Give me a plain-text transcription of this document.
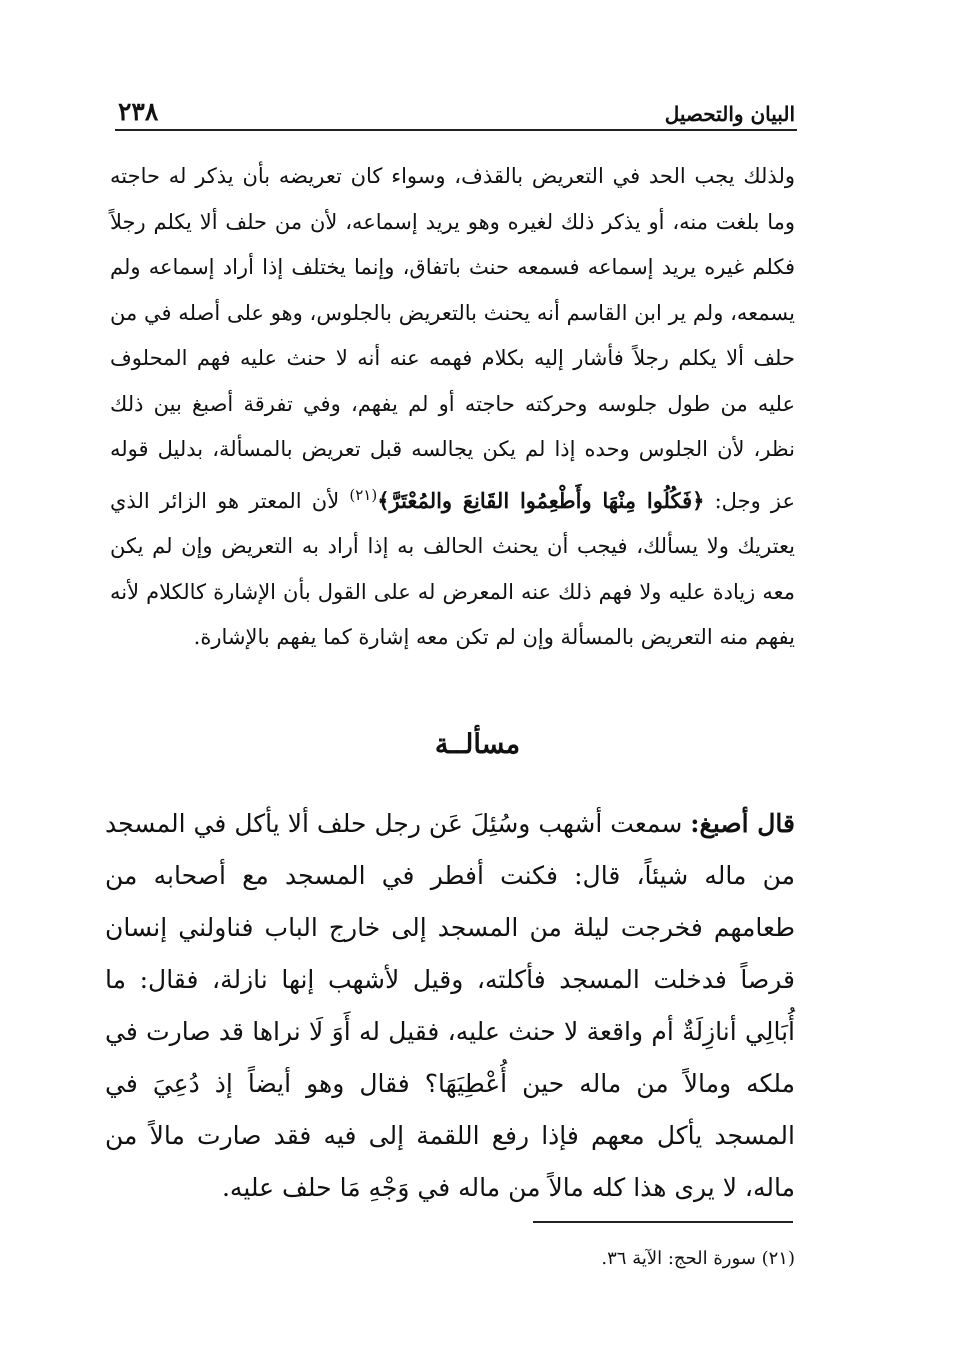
البيان والتحصيل
٢٣٨

ولذلك يجب الحد في التعريض بالقذف، وسواء كان تعريضه بأن يذكر له حاجته وما بلغت منه، أو يذكر ذلك لغيره وهو يريد إسماعه، لأن من حلف ألا يكلم رجلاً فكلم غيره يريد إسماعه فسمعه حنث باتفاق، وإنما يختلف إذا أراد إسماعه ولم يسمعه، ولم ير ابن القاسم أنه يحنث بالتعريض بالجلوس، وهو على أصله في من حلف ألا يكلم رجلاً فأشار إليه بكلام فهمه عنه أنه لا حنث عليه فهم المحلوف عليه من طول جلوسه وحركته حاجته أو لم يفهم، وفي تفرقة أصبغ بين ذلك نظر، لأن الجلوس وحده إذا لم يكن يجالسه قبل تعريض بالمسألة، بدليل قوله عز وجل: ﴿فَكُلُوا مِنْهَا وأَطْعِمُوا القَانِعَ والمُعْتَرَّ﴾$^{(٢١)}$ لأن المعتر هو الزائر الذي يعتريك ولا يسألك، فيجب أن يحنث الحالف به إذا أراد به التعريض وإن لم يكن معه زيادة عليه ولا فهم ذلك عنه المعرض له على القول بأن الإشارة كالكلام لأنه يفهم منه التعريض بالمسألة وإن لم تكن معه إشارة كما يفهم بالإشارة.

مسألــة

قال أصبغ: سمعت أشهب وسُئِلَ عَن رجل حلف ألا يأكل في المسجد من ماله شيئاً، قال: فكنت أفطر في المسجد مع أصحابه من طعامهم فخرجت ليلة من المسجد إلى خارج الباب فناولني إنسان قرصاً فدخلت المسجد فأكلته، وقيل لأشهب إنها نازلة، فقال: ما أُبَالِي أنازِلَةٌ أم واقعة لا حنث عليه، فقيل له أَوَ لَا نراها قد صارت في ملكه ومالاً من ماله حين أُعْطِيَهَا؟ فقال وهو أيضاً إذ دُعِيَ في المسجد يأكل معهم فإذا رفع اللقمة إلى فيه فقد صارت مالاً من ماله، لا يرى هذا كله مالاً من ماله في وَجْهِ مَا حلف عليه.

(٢١) سورة الحج: الآية ٣٦.
